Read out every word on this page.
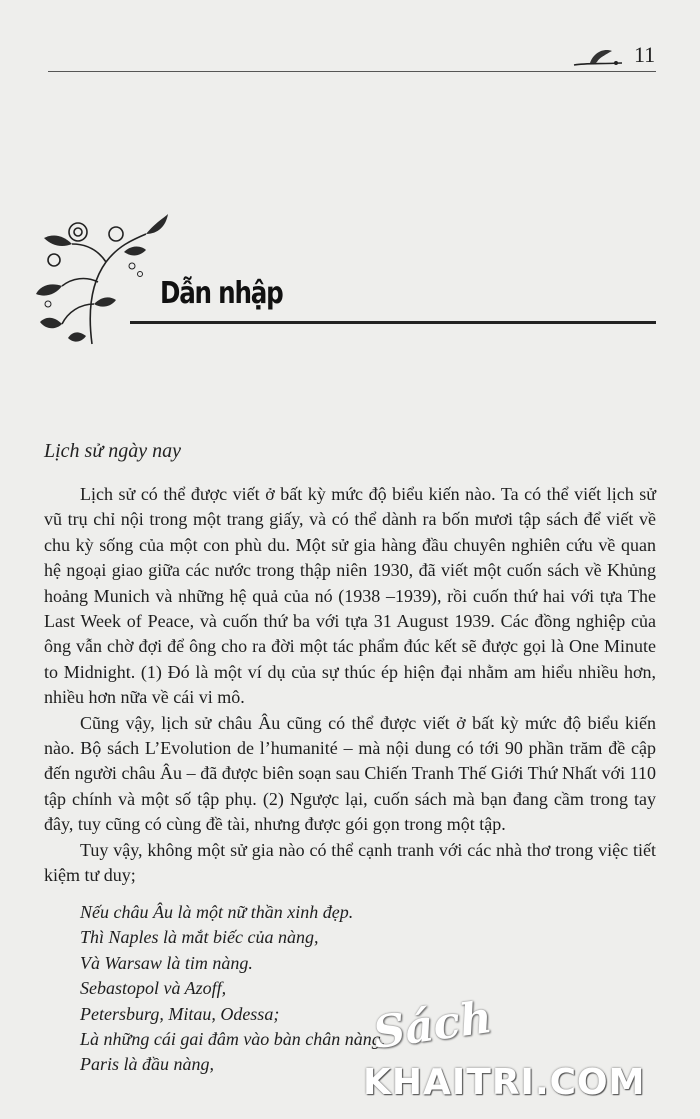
11
Dẫn nhập
Lịch sử ngày nay

Lịch sử có thể được viết ở bất kỳ mức độ biểu kiến nào. Ta có thể viết lịch sử vũ trụ chỉ nội trong một trang giấy, và có thể dành ra bốn mươi tập sách để viết về chu kỳ sống của một con phù du. Một sử gia hàng đầu chuyên nghiên cứu về quan hệ ngoại giao giữa các nước trong thập niên 1930, đã viết một cuốn sách về Khủng hoảng Munich và những hệ quả của nó (1938 –1939), rồi cuốn thứ hai với tựa The Last Week of Peace, và cuốn thứ ba với tựa 31 August 1939. Các đồng nghiệp của ông vẫn chờ đợi để ông cho ra đời một tác phẩm đúc kết sẽ được gọi là One Minute to Midnight. (1) Đó là một ví dụ của sự thúc ép hiện đại nhằm am hiểu nhiều hơn, nhiều hơn nữa về cái vi mô.

Cũng vậy, lịch sử châu Âu cũng có thể được viết ở bất kỳ mức độ biểu kiến nào. Bộ sách L’Evolution de l’humanité – mà nội dung có tới 90 phần trăm đề cập đến người châu Âu – đã được biên soạn sau Chiến Tranh Thế Giới Thứ Nhất với 110 tập chính và một số tập phụ. (2) Ngược lại, cuốn sách mà bạn đang cầm trong tay đây, tuy cũng có cùng đề tài, nhưng được gói gọn trong một tập.

Tuy vậy, không một sử gia nào có thể cạnh tranh với các nhà thơ trong việc tiết kiệm tư duy;

Nếu châu Âu là một nữ thần xinh đẹp.
Thì Naples là mắt biếc của nàng,
Và Warsaw là tim nàng.
Sebastopol và Azoff,
Petersburg, Mitau, Odessa;
Là những cái gai đâm vào bàn chân nàng,
Paris là đầu nàng,
Sách
KHAITRI.COM
